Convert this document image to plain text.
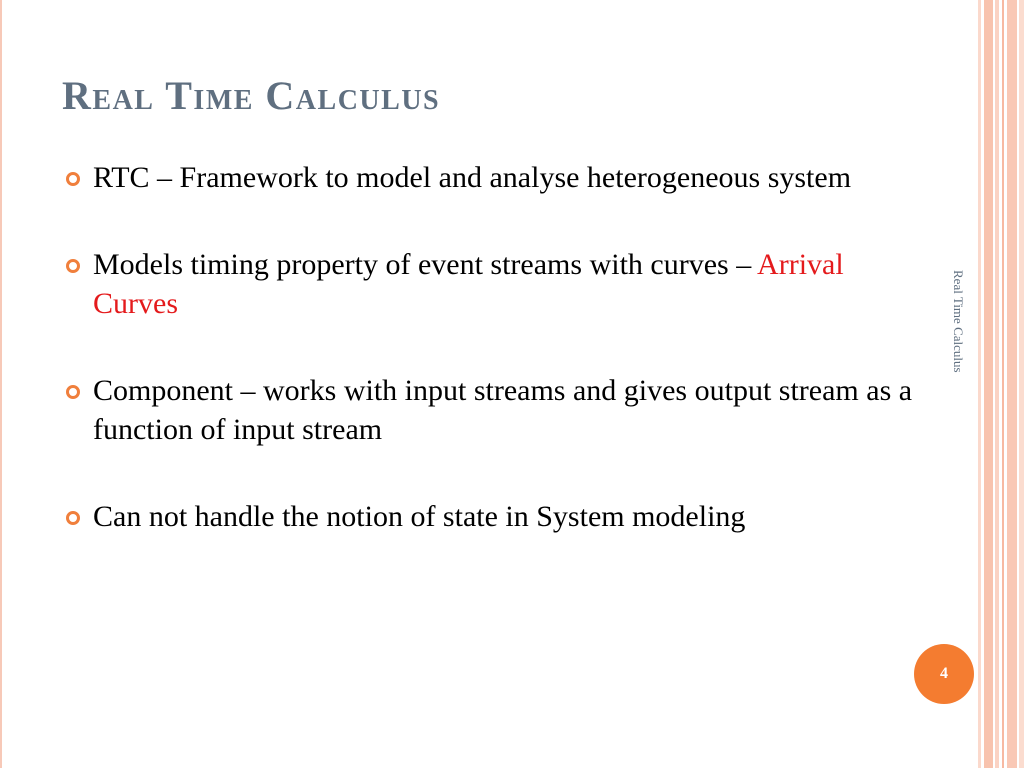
Real Time Calculus
RTC – Framework to model and analyse heterogeneous system
Models timing property of event streams with curves – Arrival Curves
Component – works with input streams and gives output stream as a function of input stream
Can not handle the notion of state in System modeling
Real Time Calculus
4
